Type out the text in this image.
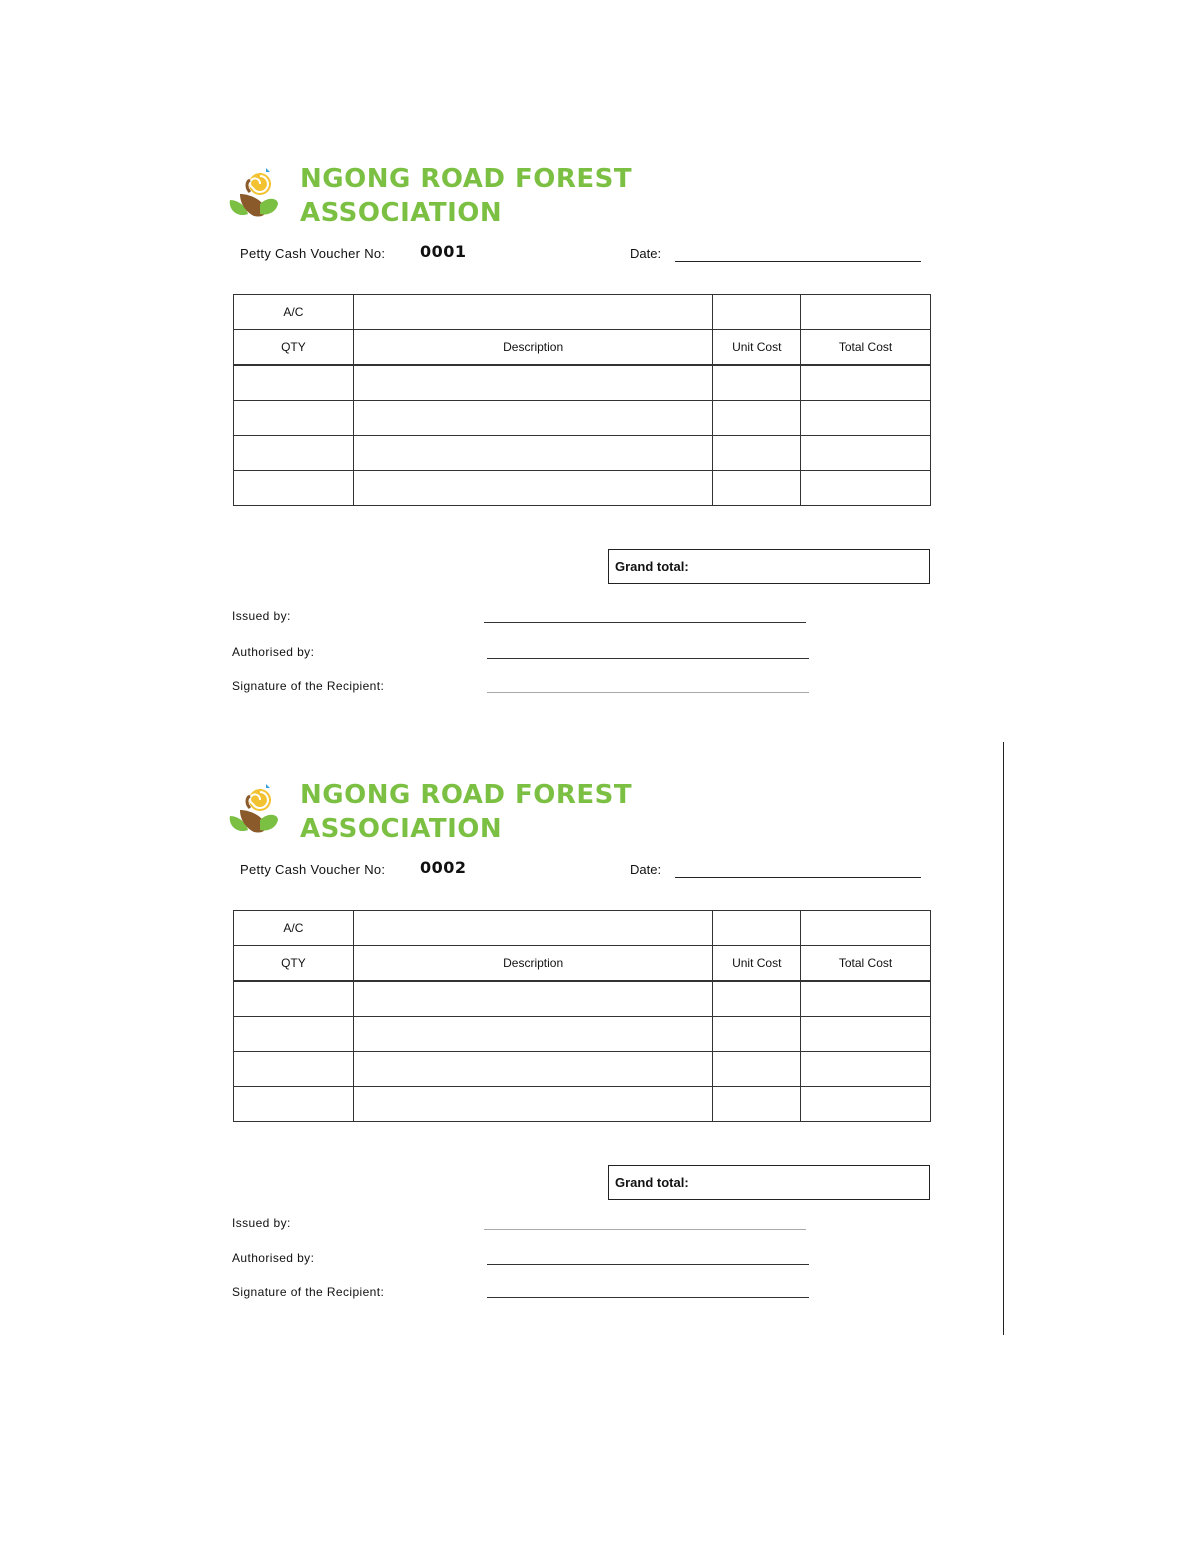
NGONG ROAD FOREST
ASSOCIATION
Petty Cash Voucher No: 0001	Date:
A/C			
QTY	Description	Unit Cost	Total Cost

Grand total:
Issued by:
Authorised by:
Signature of the Recipient:
NGONG ROAD FOREST
ASSOCIATION
Petty Cash Voucher No: 0002	Date:
A/C			
QTY	Description	Unit Cost	Total Cost

Grand total:
Issued by:
Authorised by:
Signature of the Recipient:
